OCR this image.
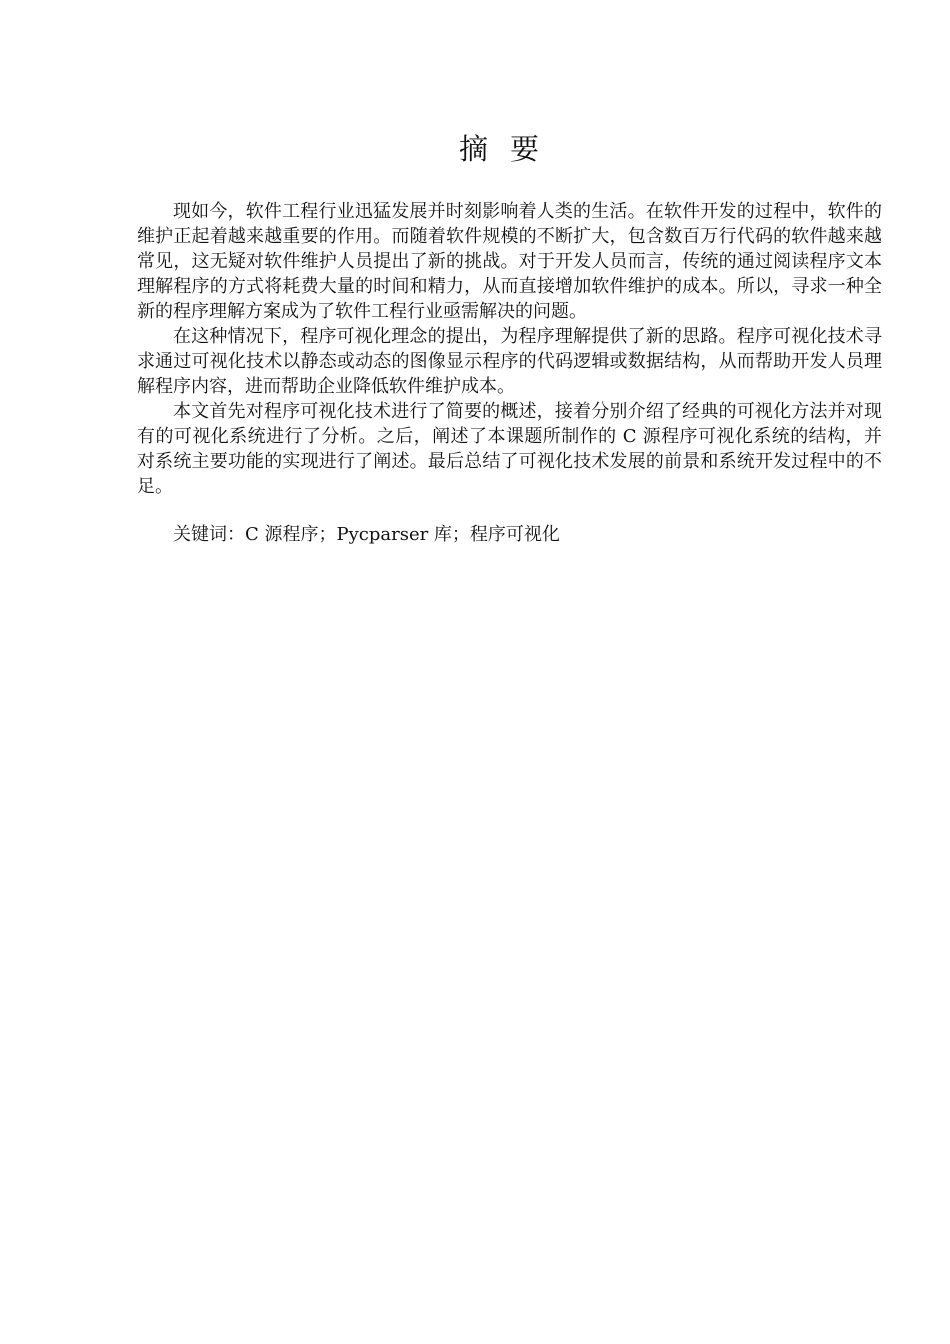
摘要

现如今，软件工程行业迅猛发展并时刻影响着人类的生活。在软件开发的过程中，软件的维护正起着越来越重要的作用。而随着软件规模的不断扩大，包含数百万行代码的软件越来越常见，这无疑对软件维护人员提出了新的挑战。对于开发人员而言，传统的通过阅读程序文本理解程序的方式将耗费大量的时间和精力，从而直接增加软件维护的成本。所以，寻求一种全新的程序理解方案成为了软件工程行业亟需解决的问题。

在这种情况下，程序可视化理念的提出，为程序理解提供了新的思路。程序可视化技术寻求通过可视化技术以静态或动态的图像显示程序的代码逻辑或数据结构，从而帮助开发人员理解程序内容，进而帮助企业降低软件维护成本。

本文首先对程序可视化技术进行了简要的概述，接着分别介绍了经典的可视化方法并对现有的可视化系统进行了分析。之后，阐述了本课题所制作的 C 源程序可视化系统的结构，并对系统主要功能的实现进行了阐述。最后总结了可视化技术发展的前景和系统开发过程中的不足。

关键词：C 源程序；Pycparser 库；程序可视化
